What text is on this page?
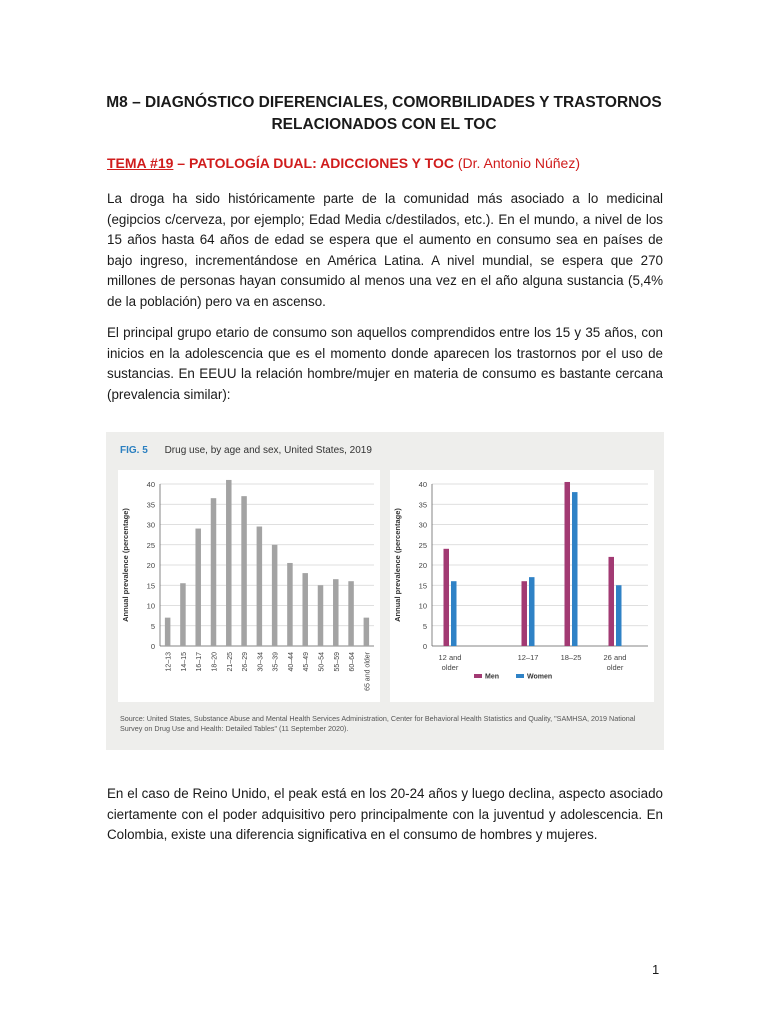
M8 – DIAGNÓSTICO DIFERENCIALES, COMORBILIDADES Y TRASTORNOS
RELACIONADOS CON EL TOC
TEMA #19 – PATOLOGÍA DUAL: ADICCIONES Y TOC (Dr. Antonio Núñez)

La droga ha sido históricamente parte de la comunidad más asociado a lo medicinal (egipcios c/cerveza, por ejemplo; Edad Media c/destilados, etc.). En el mundo, a nivel de los 15 años hasta 64 años de edad se espera que el aumento en consumo sea en países de bajo ingreso, incrementándose en América Latina. A nivel mundial, se espera que 270 millones de personas hayan consumido al menos una vez en el año alguna sustancia (5,4% de la población) pero va en ascenso.

El principal grupo etario de consumo son aquellos comprendidos entre los 15 y 35 años, con inicios en la adolescencia que es el momento donde aparecen los trastornos por el uso de sustancias. En EEUU la relación hombre/mujer en materia de consumo es bastante cercana (prevalencia similar):

FIG. 5 Drug use, by age and sex, United States, 2019
0
5
10
15
20
25
30
35
40
Annual prevalence (percentage)
12–13 14–15 16–17 18–20 21–25 26–29 30–34 35–39 40–44 45–49 50–54 55–59 60–64 65 and older
0
5
10
15
20
25
30
35
40
Annual prevalence (percentage)
12 and
older
12–17	18–25	26 and
older
Men	Women
Source: United States, Substance Abuse and Mental Health Services Administration, Center for Behavioral Health Statistics and Quality, "SAMHSA, 2019 National Survey on Drug Use and Health: Detailed Tables" (11 September 2020).

En el caso de Reino Unido, el peak está en los 20-24 años y luego declina, aspecto asociado ciertamente con el poder adquisitivo pero principalmente con la juventud y adolescencia. En Colombia, existe una diferencia significativa en el consumo de hombres y mujeres.

1
